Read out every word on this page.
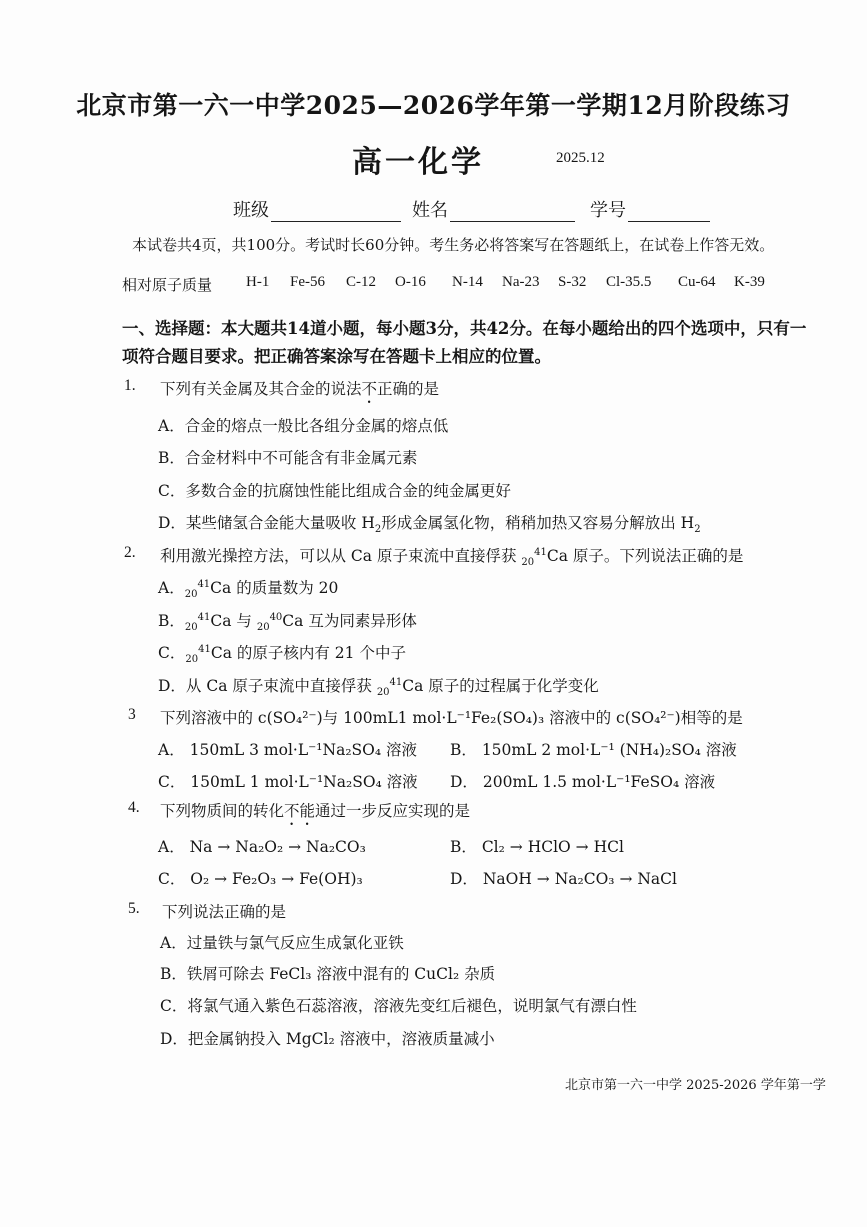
北京市第一六一中学2025—2026学年第一学期12月阶段练习
高一化学	2025.12
班级	姓名	学号
本试卷共4页，共100分。考试时长60分钟。考生务必将答案写在答题纸上，在试卷上作答无效。
相对原子质量 H-1 Fe-56 C-12 O-16 N-14 Na-23 S-32 Cl-35.5 Cu-64 K-39
一、选择题：本大题共14道小题，每小题3分，共42分。在每小题给出的四个选项中，只有一
项符合题目要求。把正确答案涂写在答题卡上相应的位置。
1. 下列有关金属及其合金的说法不正确的是
A．合金的熔点一般比各组分金属的熔点低
B．合金材料中不可能含有非金属元素
C．多数合金的抗腐蚀性能比组成合金的纯金属更好
D．某些储氢合金能大量吸收 $H_2$形成金属氢化物，稍稍加热又容易分解放出 $H_2$
2. 利用激光操控方法，可以从 Ca 原子束流中直接俘获 $_{20}^{41}$Ca 原子。下列说法正确的是
A．$_{20}^{41}$Ca 的质量数为 20
B．$_{20}^{41}$Ca 与 $_{20}^{40}$Ca 互为同素异形体
C．$_{20}^{41}$Ca 的原子核内有 21 个中子
D．从 Ca 原子束流中直接俘获 $_{20}^{41}$Ca 原子的过程属于化学变化
3 下列溶液中的 c(SO₄²⁻)与 100mL1 mol·L⁻¹Fe₂(SO₄)₃ 溶液中的 c(SO₄²⁻)相等的是
A． 150mL 3 mol·L⁻¹Na₂SO₄ 溶液 B． 150mL 2 mol·L⁻¹ (NH₄)₂SO₄ 溶液
C． 150mL 1 mol·L⁻¹Na₂SO₄ 溶液 D． 200mL 1.5 mol·L⁻¹FeSO₄ 溶液
4. 下列物质间的转化不能通过一步反应实现的是
A． Na → Na₂O₂ → Na₂CO₃	B． Cl₂ → HClO → HCl
C． O₂ → Fe₂O₃ → Fe(OH)₃	D． NaOH → Na₂CO₃ → NaCl
5. 下列说法正确的是
A．过量铁与氯气反应生成氯化亚铁
B．铁屑可除去 FeCl₃ 溶液中混有的 CuCl₂ 杂质
C．将氯气通入紫色石蕊溶液，溶液先变红后褪色，说明氯气有漂白性
D．把金属钠投入 MgCl₂ 溶液中，溶液质量减小
北京市第一六一中学 2025-2026 学年第一学
